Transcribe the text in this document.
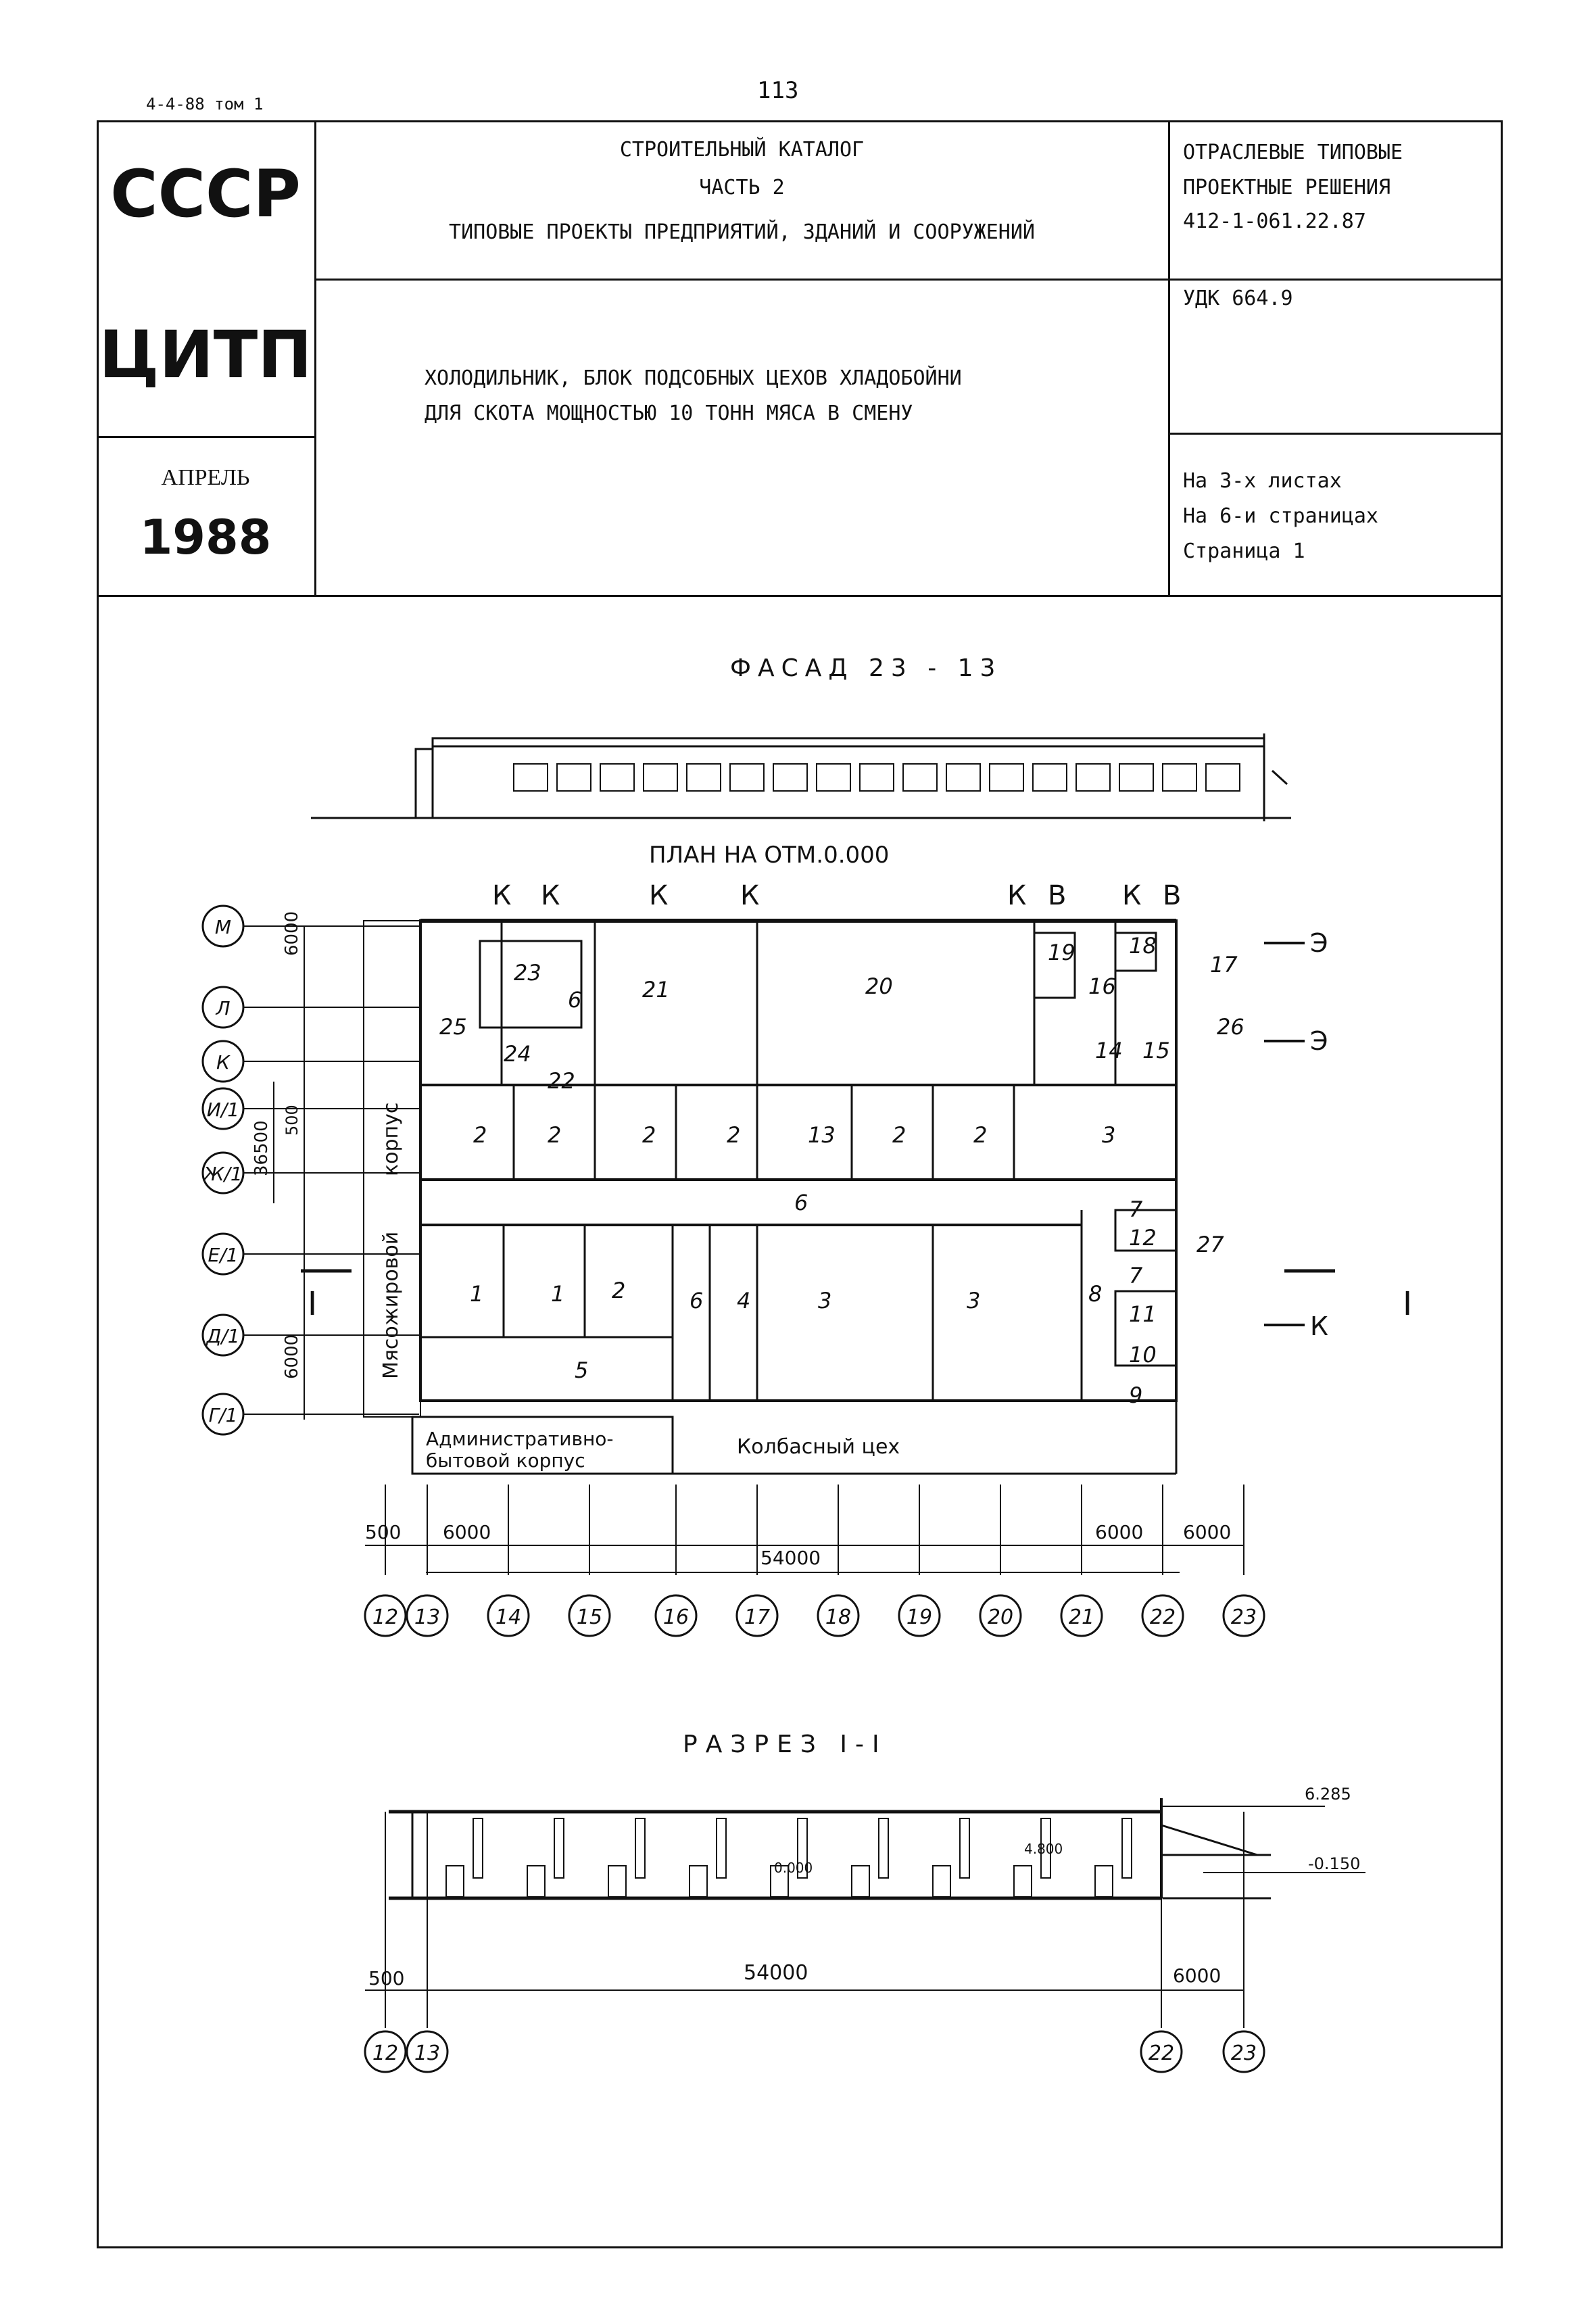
4-4-88 том 1	113
СССР
ЦИТП
АПРЕЛЬ
1988
СТРОИТЕЛЬНЫЙ КАТАЛОГ
ЧАСТЬ 2
ТИПОВЫЕ ПРОЕКТЫ ПРЕДПРИЯТИЙ, ЗДАНИЙ И СООРУЖЕНИЙ
ХОЛОДИЛЬНИК, БЛОК ПОДСОБНЫХ ЦЕХОВ ХЛАДОБОЙНИ
ДЛЯ СКОТА МОЩНОСТЬЮ 10 ТОНН МЯСА В СМЕНУ
ОТРАСЛЕВЫЕ ТИПОВЫЕ
ПРОЕКТНЫЕ РЕШЕНИЯ
412-1-061.22.87
УДК 664.9
На 3-х листах
На 6-и страницах
Страница 1
М
Л
К
И/1
Ж/1
Е/1
Д/1
Г/1
12 13	14	15	16	17	18	19	20	21	22	23
12 13	22	23
ФАСАД 23 - 13
ПЛАН НА ОТМ.0.000
РАЗРЕЗ I-I
Мясожировой
корпус
Административно-
бытовой корпус
Колбасный цех
6000
6000
36500
500
500 6000	6000 6000
54000
500	54000	6000
6.285
-0.150
0.000
4.800
К К	К	К	К В К В
Э
Э
К
I	I
23
21	20
19 18
17
16
25
6
24
22
14 15
26
2	2	2	2	13	2	2	3
6	7
12 27
1	1 2	6 4	3	3	8
11
10
9
7
5
